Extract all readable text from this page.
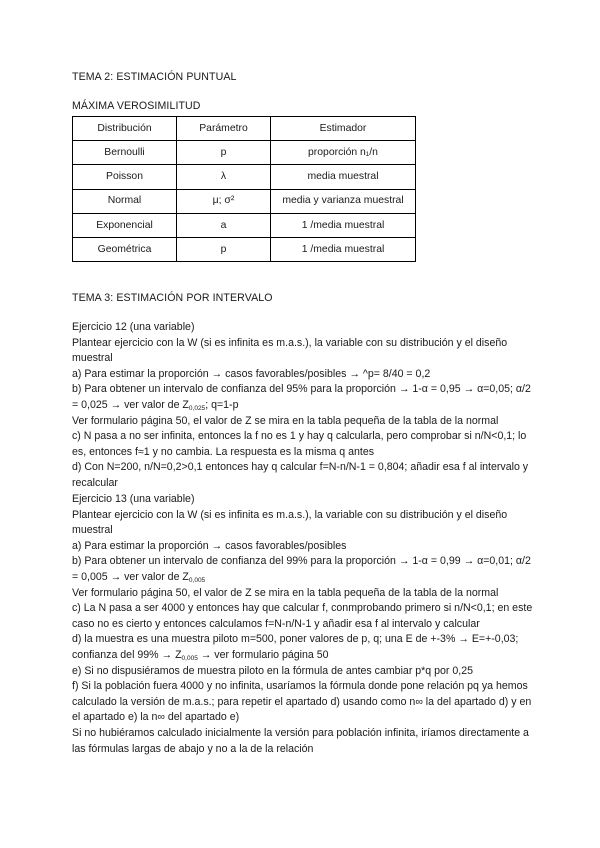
TEMA 2: ESTIMACIÓN PUNTUAL
MÁXIMA VEROSIMILITUD
Distribución	Parámetro	Estimador
Bernoulli	p	proporción n₁/n
Poisson	λ	media muestral
Normal	μ; σ²	media y varianza muestral
Exponencial	a	1 /media muestral
Geométrica	p	1 /media muestral
TEMA 3: ESTIMACIÓN POR INTERVALO

Ejercicio 12 (una variable)

Plantear ejercicio con la W (si es infinita es m.a.s.), la variable con su distribución y el diseño muestral

a) Para estimar la proporción → casos favorables/posibles → ^p= 8/40 = 0,2

b) Para obtener un intervalo de confianza del 95% para la proporción → 1-α = 0,95 → α=0,05; α/2 = 0,025 → ver valor de $Z_{0,025}$; q=1-p

Ver formulario página 50, el valor de Z se mira en la tabla pequeña de la tabla de la normal

c) N pasa a no ser infinita, entonces la f no es 1 y hay q calcularla, pero comprobar si n/N<0,1; lo es, entonces f≈1 y no cambia. La respuesta es la misma q antes

d) Con N=200, n/N=0,2>0,1 entonces hay q calcular f=N-n/N-1 = 0,804; añadir esa f al intervalo y recalcular

Ejercicio 13 (una variable)

Plantear ejercicio con la W (si es infinita es m.a.s.), la variable con su distribución y el diseño muestral

a) Para estimar la proporción → casos favorables/posibles

b) Para obtener un intervalo de confianza del 99% para la proporción → 1-α = 0,99 → α=0,01; α/2 = 0,005 → ver valor de $Z_{0,005}$

Ver formulario página 50, el valor de Z se mira en la tabla pequeña de la tabla de la normal

c) La N pasa a ser 4000 y entonces hay que calcular f, conmprobando primero si n/N<0,1; en este caso no es cierto y entonces calculamos f=N-n/N-1 y añadir esa f al intervalo y calcular

d) la muestra es una muestra piloto m=500, poner valores de p, q; una E de +-3% → E=+-0,03; confianza del $99\% \to Z_{0,005}$ → ver formulario página 50

e) Si no dispusiéramos de muestra piloto en la fórmula de antes cambiar p*q por 0,25

f) Si la población fuera 4000 y no infinita, usaríamos la fórmula donde pone relación pq ya hemos calculado la versión de m.a.s.; para repetir el apartado d) usando como n∞ la del apartado d) y en el apartado e) la n∞ del apartado e)

Si no hubiéramos calculado inicialmente la versión para población infinita, iríamos directamente a las fórmulas largas de abajo y no a la de la relación
